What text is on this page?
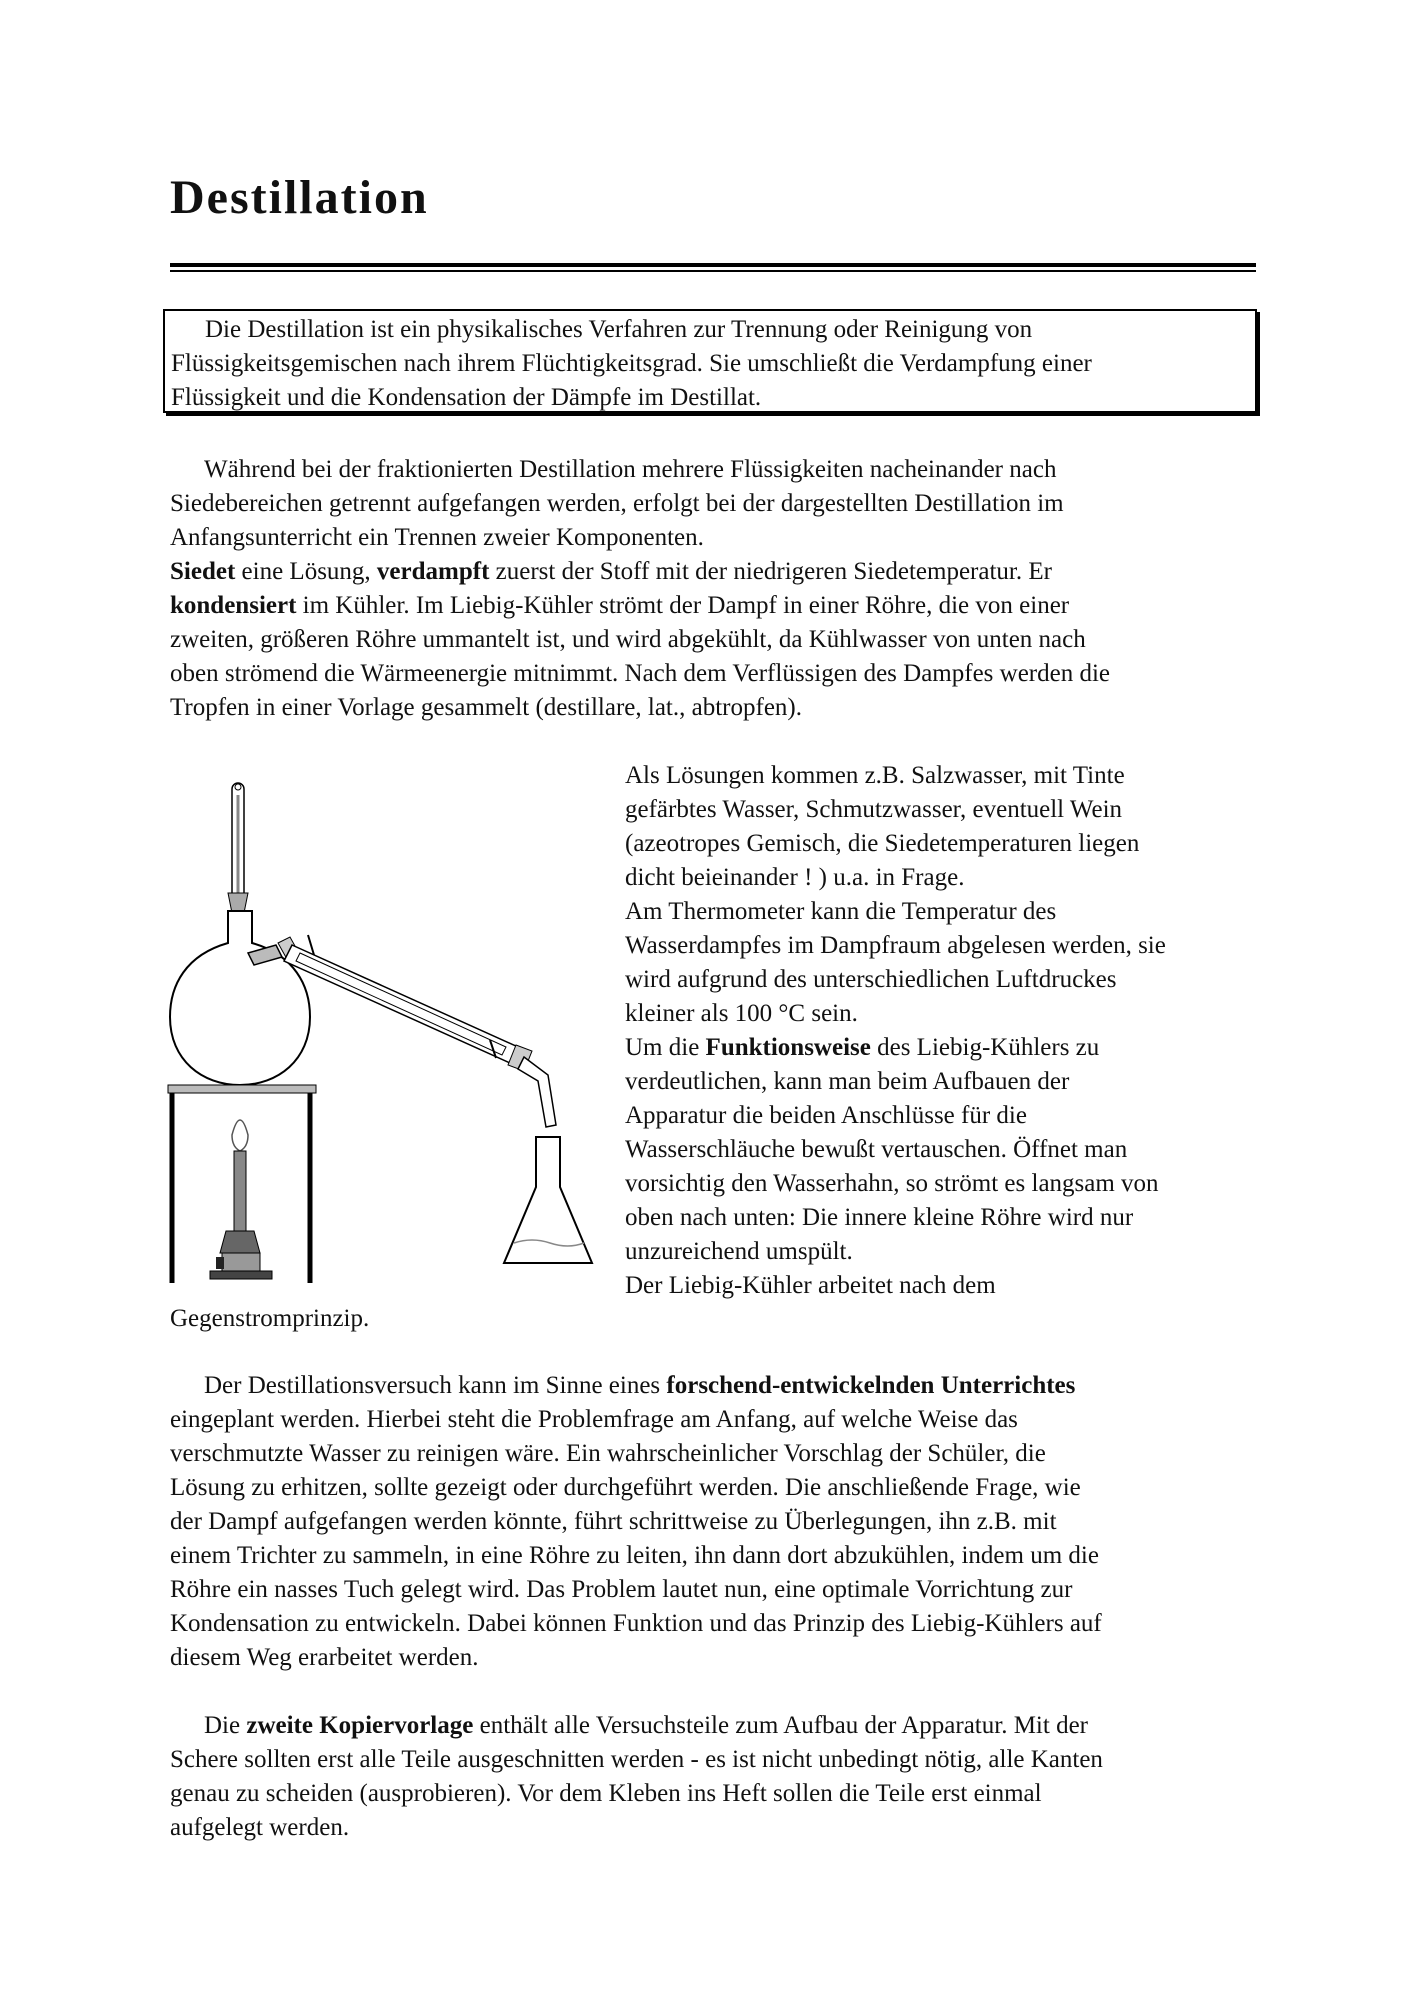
Destillation
Die Destillation ist ein physikalisches Verfahren zur Trennung oder Reinigung von
Flüssigkeitsgemischen nach ihrem Flüchtigkeitsgrad. Sie umschließt die Verdampfung einer
Flüssigkeit und die Kondensation der Dämpfe im Destillat.
Während bei der fraktionierten Destillation mehrere Flüssigkeiten nacheinander nach
Siedebereichen getrennt aufgefangen werden, erfolgt bei der dargestellten Destillation im
Anfangsunterricht ein Trennen zweier Komponenten.
Siedet eine Lösung, verdampft zuerst der Stoff mit der niedrigeren Siedetemperatur. Er
kondensiert im Kühler. Im Liebig-Kühler strömt der Dampf in einer Röhre, die von einer
zweiten, größeren Röhre ummantelt ist, und wird abgekühlt, da Kühlwasser von unten nach
oben strömend die Wärmeenergie mitnimmt. Nach dem Verflüssigen des Dampfes werden die
Tropfen in einer Vorlage gesammelt (destillare, lat., abtropfen).
Als Lösungen kommen z.B. Salzwasser, mit Tinte
gefärbtes Wasser, Schmutzwasser, eventuell Wein
(azeotropes Gemisch, die Siedetemperaturen liegen
dicht beieinander ! ) u.a. in Frage.
Am Thermometer kann die Temperatur des
Wasserdampfes im Dampfraum abgelesen werden, sie
wird aufgrund des unterschiedlichen Luftdruckes
kleiner als 100 °C sein.
Um die Funktionsweise des Liebig-Kühlers zu
verdeutlichen, kann man beim Aufbauen der
Apparatur die beiden Anschlüsse für die
Wasserschläuche bewußt vertauschen. Öffnet man
vorsichtig den Wasserhahn, so strömt es langsam von
oben nach unten: Die innere kleine Röhre wird nur
unzureichend umspült.
Der Liebig-Kühler arbeitet nach dem
Gegenstromprinzip.
Der Destillationsversuch kann im Sinne eines forschend-entwickelnden Unterrichtes
eingeplant werden. Hierbei steht die Problemfrage am Anfang, auf welche Weise das
verschmutzte Wasser zu reinigen wäre. Ein wahrscheinlicher Vorschlag der Schüler, die
Lösung zu erhitzen, sollte gezeigt oder durchgeführt werden. Die anschließende Frage, wie
der Dampf aufgefangen werden könnte, führt schrittweise zu Überlegungen, ihn z.B. mit
einem Trichter zu sammeln, in eine Röhre zu leiten, ihn dann dort abzukühlen, indem um die
Röhre ein nasses Tuch gelegt wird. Das Problem lautet nun, eine optimale Vorrichtung zur
Kondensation zu entwickeln. Dabei können Funktion und das Prinzip des Liebig-Kühlers auf
diesem Weg erarbeitet werden.
Die zweite Kopiervorlage enthält alle Versuchsteile zum Aufbau der Apparatur. Mit der
Schere sollten erst alle Teile ausgeschnitten werden - es ist nicht unbedingt nötig, alle Kanten
genau zu scheiden (ausprobieren). Vor dem Kleben ins Heft sollen die Teile erst einmal
aufgelegt werden.
